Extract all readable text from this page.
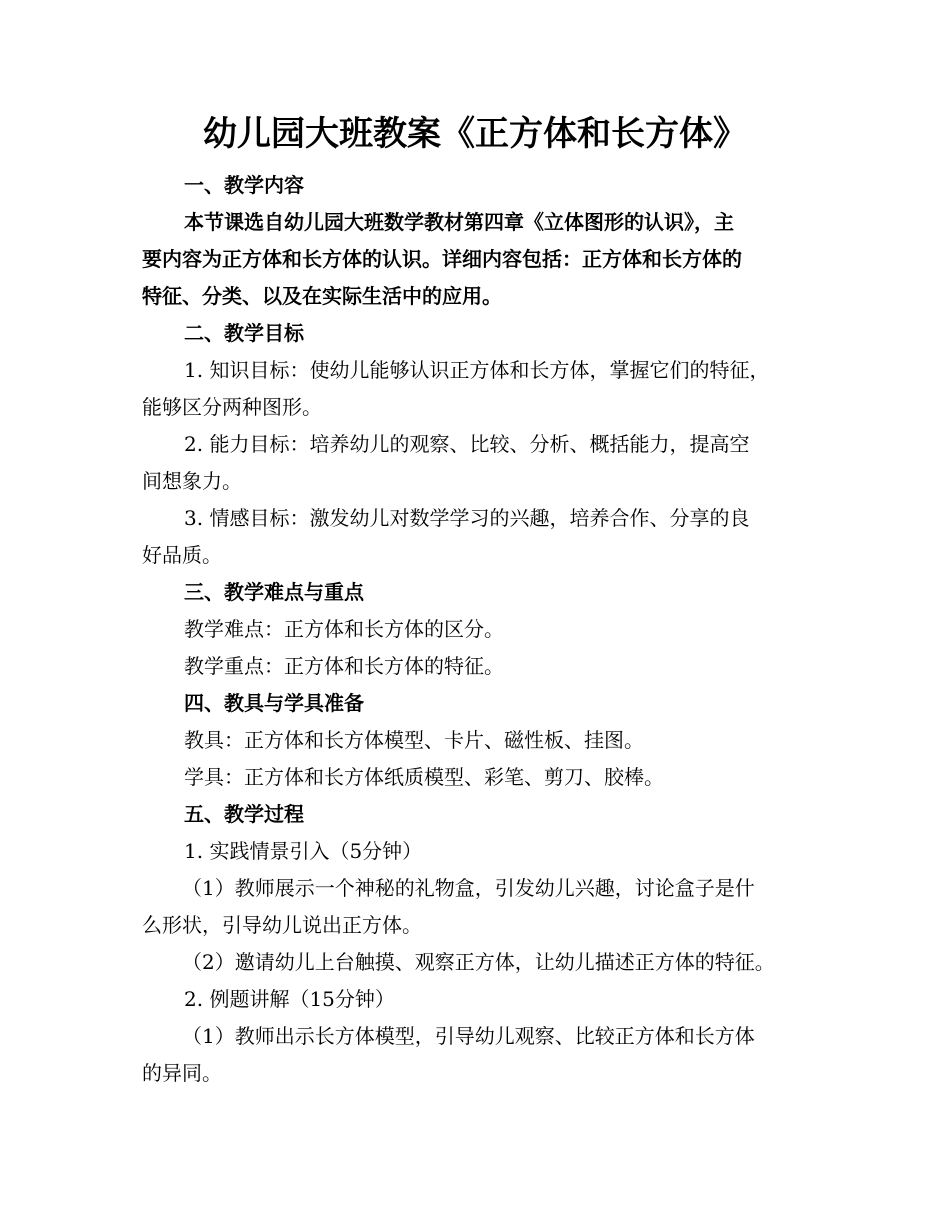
幼儿园大班教案《正方体和长方体》
一、教学内容
本节课选自幼儿园大班数学教材第四章《立体图形的认识》，主
要内容为正方体和长方体的认识。详细内容包括：正方体和长方体的
特征、分类、以及在实际生活中的应用。
二、教学目标
1. 知识目标：使幼儿能够认识正方体和长方体，掌握它们的特征，
能够区分两种图形。
2. 能力目标：培养幼儿的观察、比较、分析、概括能力，提高空
间想象力。
3. 情感目标：激发幼儿对数学学习的兴趣，培养合作、分享的良
好品质。
三、教学难点与重点
教学难点：正方体和长方体的区分。
教学重点：正方体和长方体的特征。
四、教具与学具准备
教具：正方体和长方体模型、卡片、磁性板、挂图。
学具：正方体和长方体纸质模型、彩笔、剪刀、胶棒。
五、教学过程
1. 实践情景引入（5分钟）
（1）教师展示一个神秘的礼物盒，引发幼儿兴趣，讨论盒子是什
么形状，引导幼儿说出正方体。
（2）邀请幼儿上台触摸、观察正方体，让幼儿描述正方体的特征。
2. 例题讲解（15分钟）
（1）教师出示长方体模型，引导幼儿观察、比较正方体和长方体
的异同。
